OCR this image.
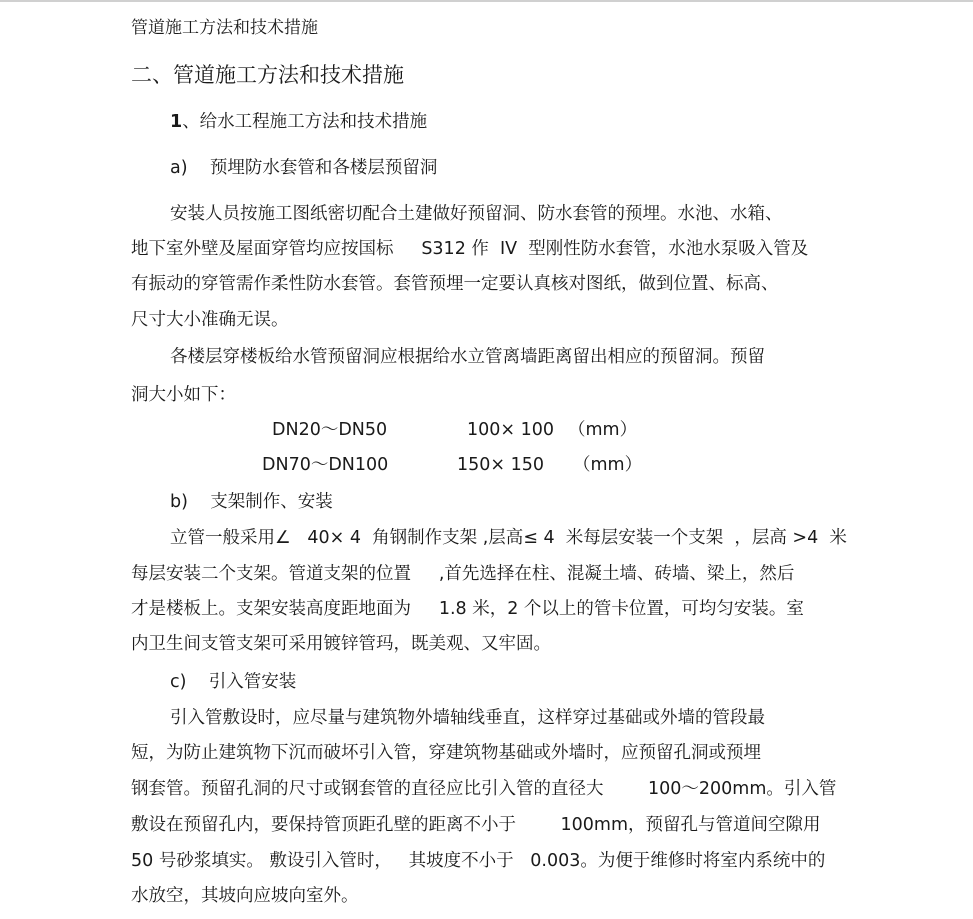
管道施工方法和技术措施
二、管道施工方法和技术措施
1、给水工程施工方法和技术措施
a) 预埋防水套管和各楼层预留洞
安装人员按施工图纸密切配合土建做好预留洞、防水套管的预埋。水池、水箱、
地下室外壁及屋面穿管均应按国标     S312 作  IV  型刚性防水套管，水池水泵吸入管及
有振动的穿管需作柔性防水套管。套管预埋一定要认真核对图纸，做到位置、标高、
尺寸大小准确无误。
各楼层穿楼板给水管预留洞应根据给水立管离墙距离留出相应的预留洞。预留
洞大小如下：
DN20～DN50	100× 100 （mm）
DN70～DN100	150× 150 （mm）
b) 支架制作、安装
立管一般采用∠   40× 4  角钢制作支架 ,层高≤ 4  米每层安装一个支架  ，层高 >4  米
每层安装二个支架。管道支架的位置     ,首先选择在柱、混凝土墙、砖墙、梁上，然后
才是楼板上。支架安装高度距地面为     1.8 米，2 个以上的管卡位置，可均匀安装。室
内卫生间支管支架可采用镀锌管玛，既美观、又牢固。
c) 引入管安装
引入管敷设时，应尽量与建筑物外墙轴线垂直，这样穿过基础或外墙的管段最
短，为防止建筑物下沉而破坏引入管，穿建筑物基础或外墙时，应预留孔洞或预埋
钢套管。预留孔洞的尺寸或钢套管的直径应比引入管的直径大        100～200mm。引入管
敷设在预留孔内，要保持管顶距孔壁的距离不小于        100mm，预留孔与管道间空隙用
50 号砂浆填实。 敷设引入管时，   其坡度不小于   0.003。为便于维修时将室内系统中的
水放空，其坡向应坡向室外。
